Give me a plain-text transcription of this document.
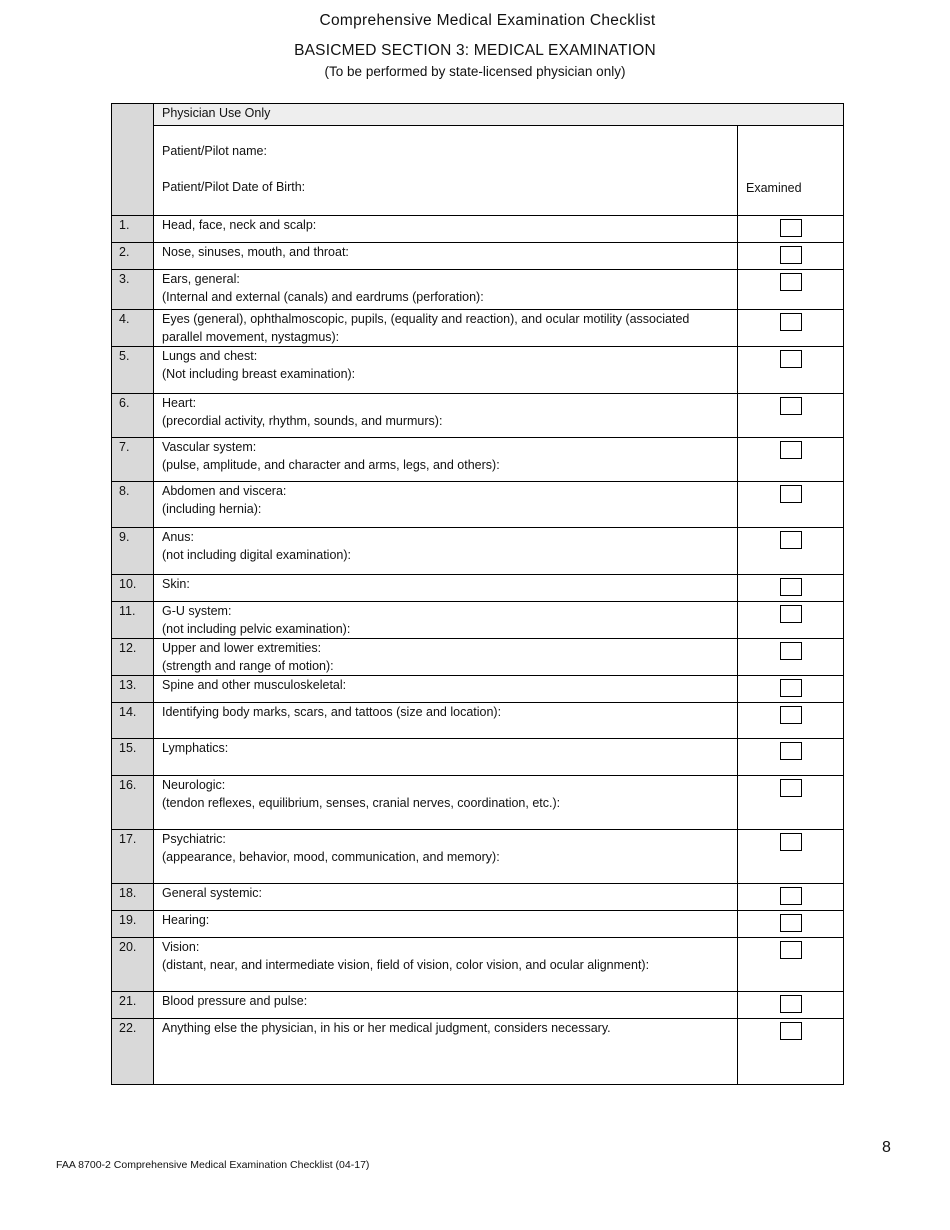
Comprehensive Medical Examination Checklist
BASICMED SECTION 3: MEDICAL EXAMINATION
(To be performed by state-licensed physician only)
	Physician Use Only	

	Patient/Pilot name:
Patient/Pilot Date of Birth:	Examined
1.	Head, face, neck and scalp:	

2.	Nose, sinuses, mouth, and throat:	

3.	Ears, general:
(Internal and external (canals) and eardrums (perforation):	

4.	Eyes (general), ophthalmoscopic, pupils, (equality and reaction), and ocular motility (associated
parallel movement, nystagmus):	

5.	Lungs and chest:
(Not including breast examination):	

6.	Heart:
(precordial activity, rhythm, sounds, and murmurs):	

7.	Vascular system:
(pulse, amplitude, and character and arms, legs, and others):	

8.	Abdomen and viscera:
(including hernia):	

9.	Anus:
(not including digital examination):	

10.	Skin:	

11.	G-U system:
(not including pelvic examination):	

12.	Upper and lower extremities:
(strength and range of motion):	

13.	Spine and other musculoskeletal:	

14.	Identifying body marks, scars, and tattoos (size and location):	

15.	Lymphatics:	

16.	Neurologic:
(tendon reflexes, equilibrium, senses, cranial nerves, coordination, etc.):	

17.	Psychiatric:
(appearance, behavior, mood, communication, and memory):	

18.	General systemic:	

19.	Hearing:	

20.	Vision:
(distant, near, and intermediate vision, field of vision, color vision, and ocular alignment):	

21.	Blood pressure and pulse:	

22.	Anything else the physician, in his or her medical judgment, considers necessary.	

FAA 8700-2 Comprehensive Medical Examination Checklist (04-17)
8
